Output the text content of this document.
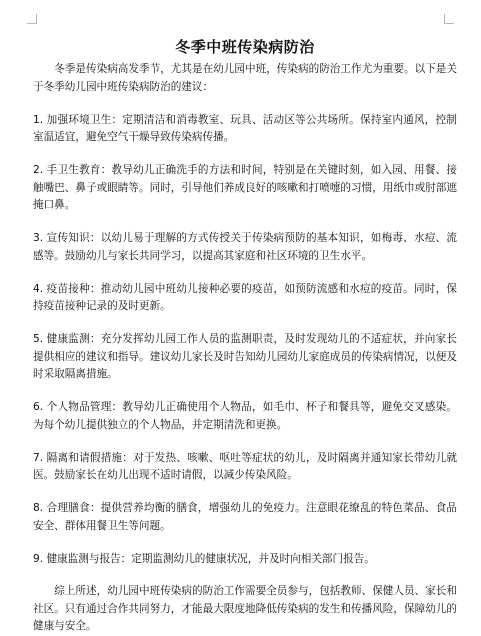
冬季中班传染病防治

冬季是传染病高发季节，尤其是在幼儿园中班，传染病的防治工作尤为重要。以下是关于冬季幼儿园中班传染病防治的建议：

1. 加强环境卫生：定期清洁和消毒教室、玩具、活动区等公共场所。保持室内通风，控制室温适宜，避免空气干燥导致传染病传播。

2. 手卫生教育：教导幼儿正确洗手的方法和时间，特别是在关键时刻，如入园、用餐、接触嘴巴、鼻子或眼睛等。同时，引导他们养成良好的咳嗽和打喷嚏的习惯，用纸巾或肘部遮掩口鼻。

3. 宣传知识：以幼儿易于理解的方式传授关于传染病预防的基本知识，如梅毒、水痘、流感等。鼓励幼儿与家长共同学习，以提高其家庭和社区环境的卫生水平。

4. 疫苗接种：推动幼儿园中班幼儿接种必要的疫苗，如预防流感和水痘的疫苗。同时，保持疫苗接种记录的及时更新。

5. 健康监测：充分发挥幼儿园工作人员的监测职责，及时发现幼儿的不适症状，并向家长提供相应的建议和指导。建议幼儿家长及时告知幼儿园幼儿家庭成员的传染病情况，以便及时采取隔离措施。

6. 个人物品管理：教导幼儿正确使用个人物品，如毛巾、杯子和餐具等，避免交叉感染。为每个幼儿提供独立的个人物品，并定期清洗和更换。

7. 隔离和请假措施：对于发热、咳嗽、呕吐等症状的幼儿，及时隔离并通知家长带幼儿就医。鼓励家长在幼儿出现不适时请假，以减少传染风险。

8. 合理膳食：提供营养均衡的膳食，增强幼儿的免疫力。注意眼花缭乱的特色菜品、食品安全、群体用餐卫生等问题。

9. 健康监测与报告：定期监测幼儿的健康状况，并及时向相关部门报告。

综上所述，幼儿园中班传染病的防治工作需要全员参与，包括教师、保健人员、家长和社区。只有通过合作共同努力，才能最大限度地降低传染病的发生和传播风险，保障幼儿的健康与安全。
